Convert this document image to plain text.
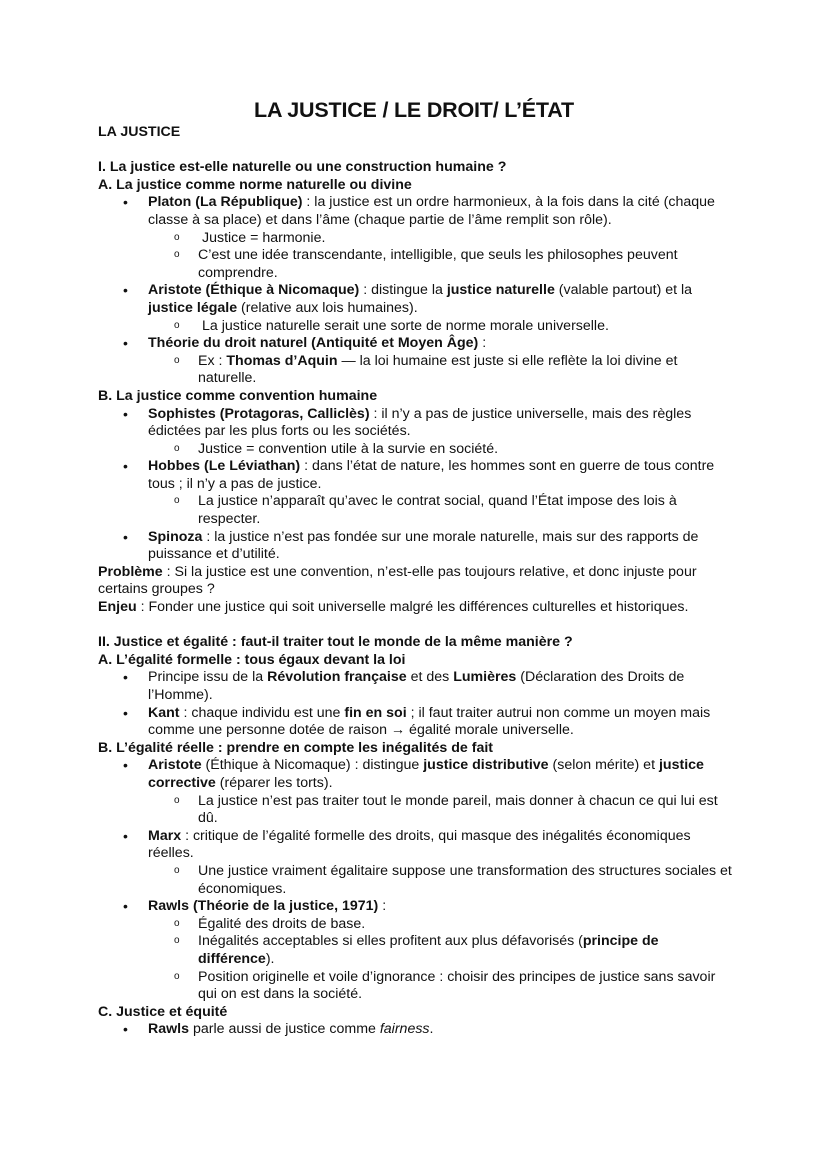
LA JUSTICE / LE DROIT/ L’ÉTAT

LA JUSTICE

I. La justice est-elle naturelle ou une construction humaine ?

A. La justice comme norme naturelle ou divine

• Platon (La République) : la justice est un ordre harmonieux, à la fois dans la cité (chaque classe à sa place) et dans l’âme (chaque partie de l’âme remplit son rôle).

o Justice = harmonie.

o C’est une idée transcendante, intelligible, que seuls les philosophes peuvent comprendre.

• Aristote (Éthique à Nicomaque) : distingue la justice naturelle (valable partout) et la justice légale (relative aux lois humaines).

o La justice naturelle serait une sorte de norme morale universelle.

• Théorie du droit naturel (Antiquité et Moyen Âge) :

o Ex : Thomas d’Aquin — la loi humaine est juste si elle reflète la loi divine et naturelle.

B. La justice comme convention humaine

• Sophistes (Protagoras, Calliclès) : il n’y a pas de justice universelle, mais des règles édictées par les plus forts ou les sociétés.

o Justice = convention utile à la survie en société.

• Hobbes (Le Léviathan) : dans l’état de nature, les hommes sont en guerre de tous contre tous ; il n’y a pas de justice.

o La justice n’apparaît qu’avec le contrat social, quand l’État impose des lois à respecter.

• Spinoza : la justice n’est pas fondée sur une morale naturelle, mais sur des rapports de puissance et d’utilité.

Problème : Si la justice est une convention, n’est-elle pas toujours relative, et donc injuste pour certains groupes ?

Enjeu : Fonder une justice qui soit universelle malgré les différences culturelles et historiques.

II. Justice et égalité : faut-il traiter tout le monde de la même manière ?

A. L’égalité formelle : tous égaux devant la loi

• Principe issu de la Révolution française et des Lumières (Déclaration des Droits de l’Homme).

• Kant : chaque individu est une fin en soi ; il faut traiter autrui non comme un moyen mais comme une personne dotée de raison → égalité morale universelle.

B. L’égalité réelle : prendre en compte les inégalités de fait

• Aristote (Éthique à Nicomaque) : distingue justice distributive (selon mérite) et justice corrective (réparer les torts).

o La justice n’est pas traiter tout le monde pareil, mais donner à chacun ce qui lui est dû.

• Marx : critique de l’égalité formelle des droits, qui masque des inégalités économiques réelles.

o Une justice vraiment égalitaire suppose une transformation des structures sociales et économiques.

• Rawls (Théorie de la justice, 1971) :

o Égalité des droits de base.

o Inégalités acceptables si elles profitent aux plus défavorisés (principe de différence).

o Position originelle et voile d’ignorance : choisir des principes de justice sans savoir qui on est dans la société.

C. Justice et équité

• Rawls parle aussi de justice comme fairness.
